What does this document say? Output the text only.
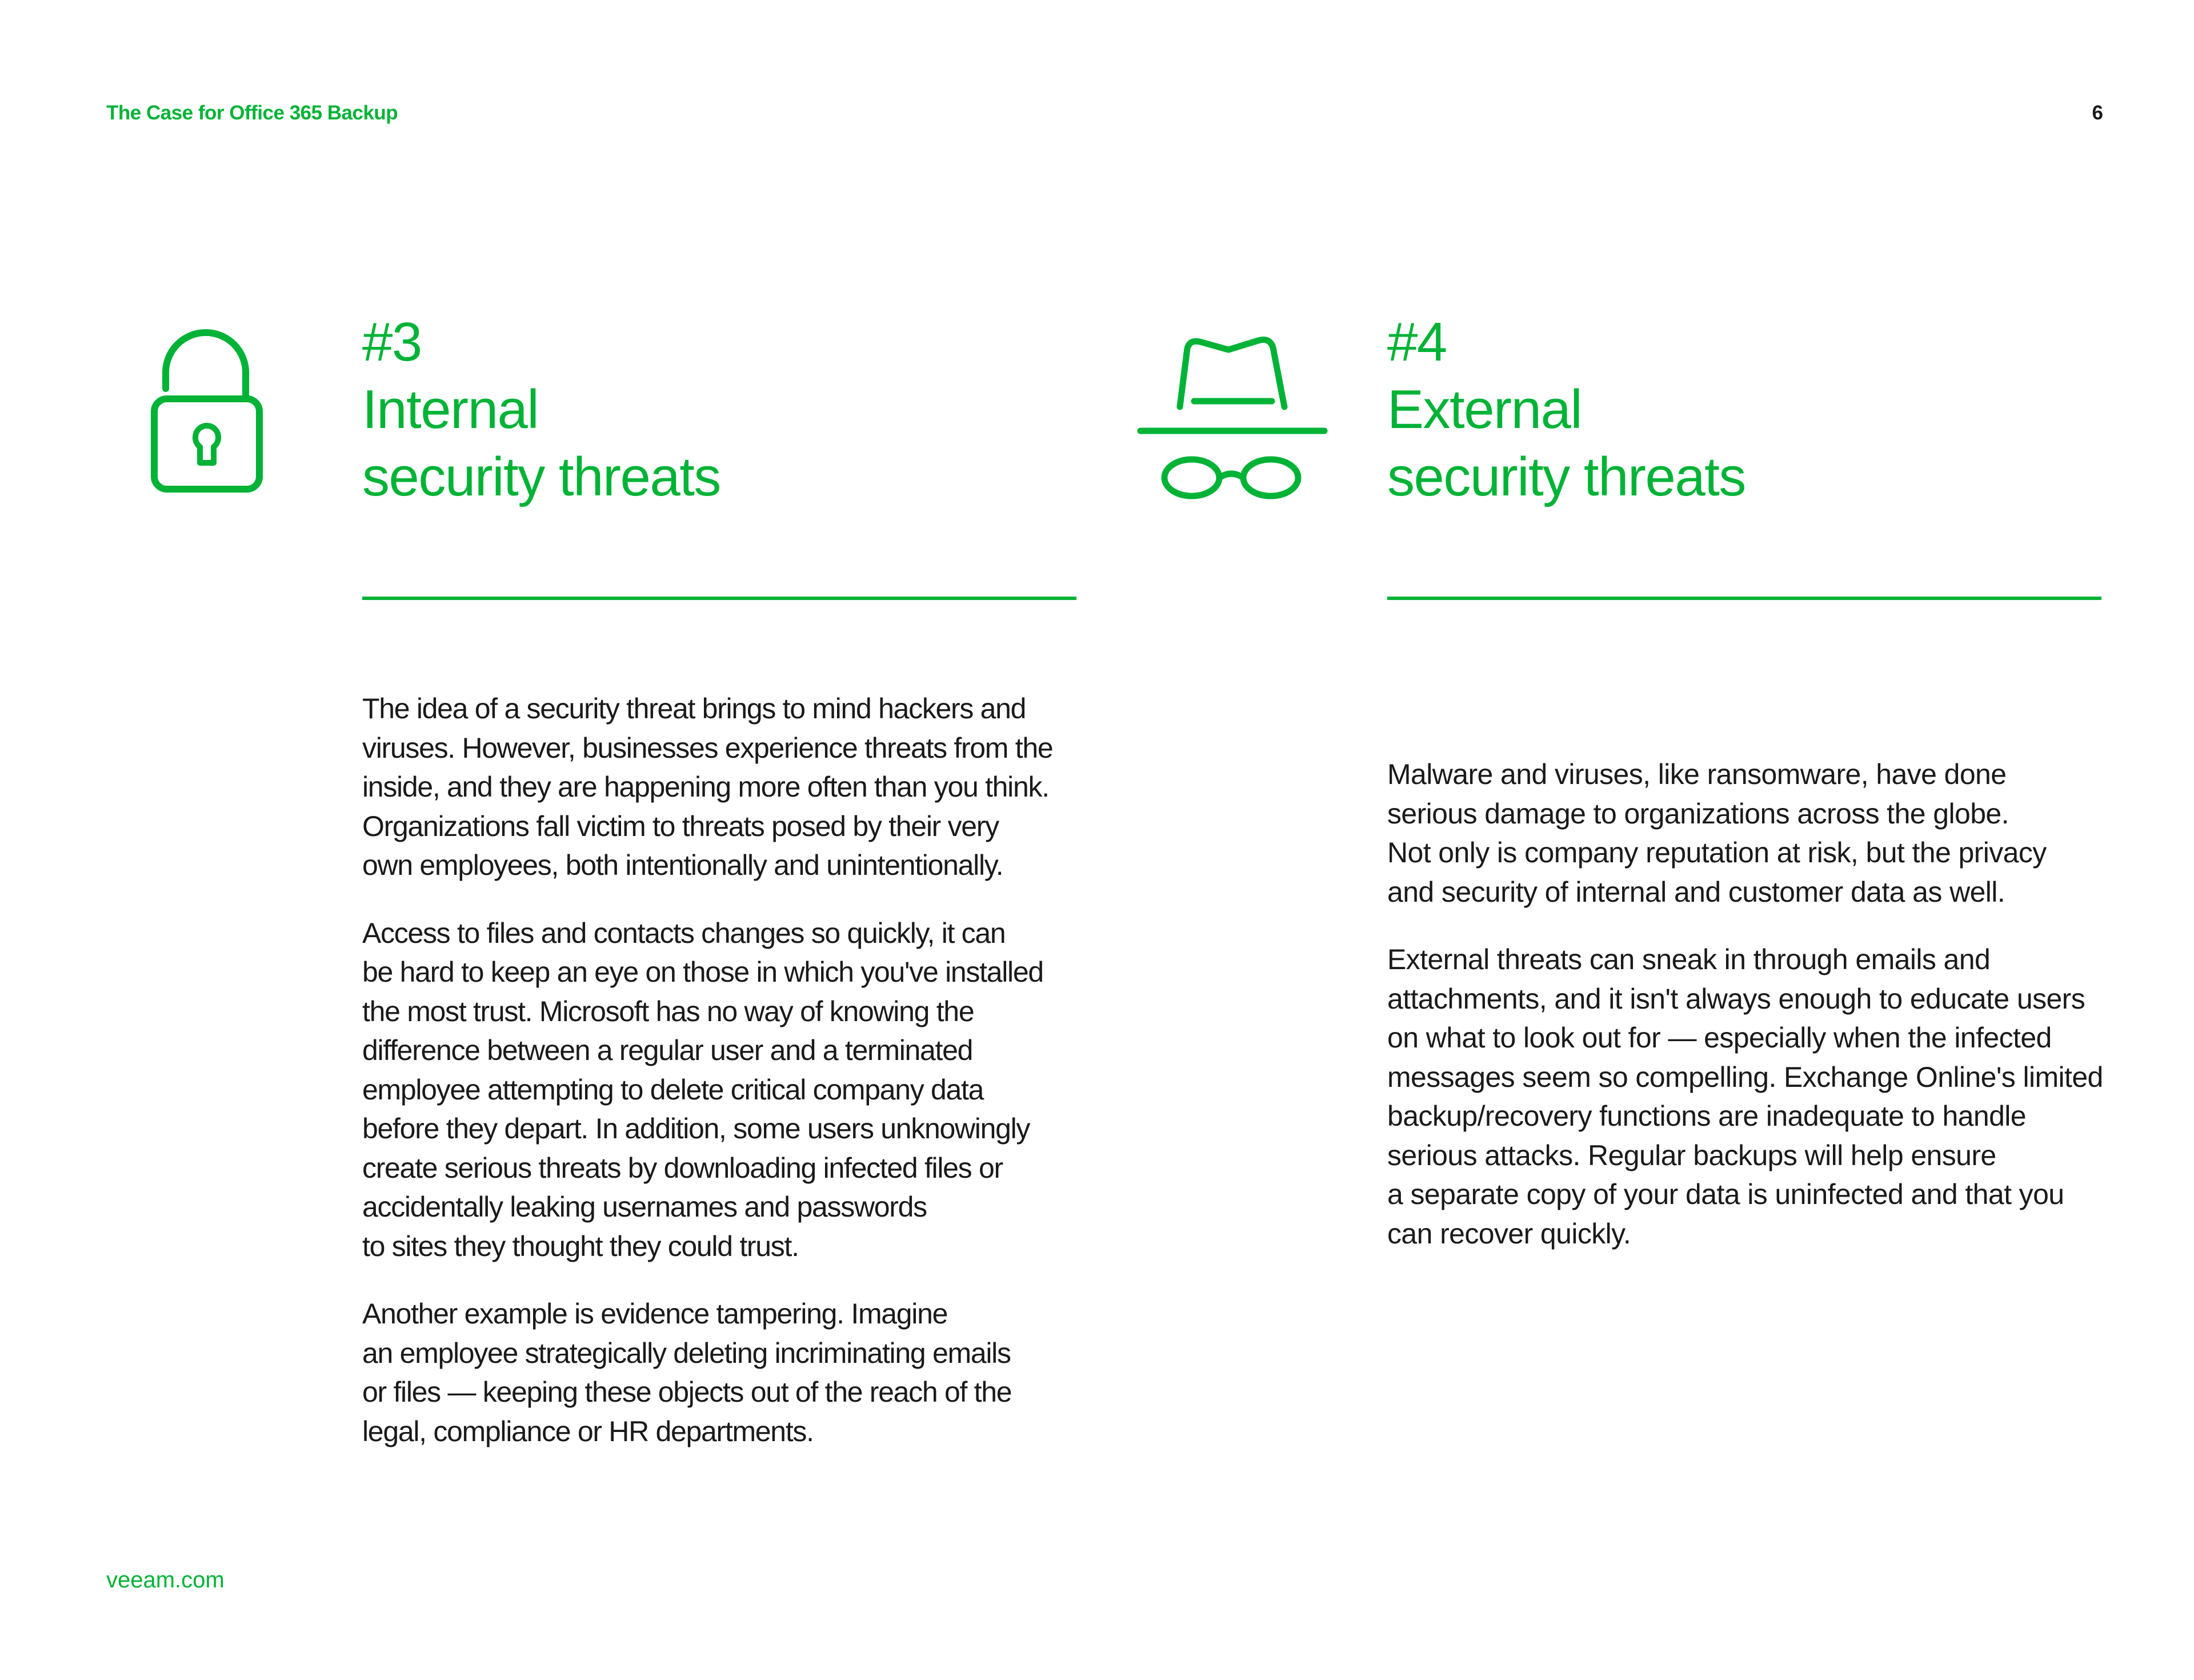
The Case for Office 365 Backup	6
#3
Internal
security threats

The idea of a security threat brings to mind hackers and
viruses. However, businesses experience threats from the
inside, and they are happening more often than you think.
Organizations fall victim to threats posed by their very
own employees, both intentionally and unintentionally.

Access to files and contacts changes so quickly, it can
be hard to keep an eye on those in which you've installed
the most trust. Microsoft has no way of knowing the
difference between a regular user and a terminated
employee attempting to delete critical company data
before they depart. In addition, some users unknowingly
create serious threats by downloading infected files or
accidentally leaking usernames and passwords
to sites they thought they could trust.

Another example is evidence tampering. Imagine
an employee strategically deleting incriminating emails
or files — keeping these objects out of the reach of the
legal, compliance or HR departments.

#4
External
security threats

Malware and viruses, like ransomware, have done
serious damage to organizations across the globe.
Not only is company reputation at risk, but the privacy
and security of internal and customer data as well.

External threats can sneak in through emails and
attachments, and it isn't always enough to educate users
on what to look out for — especially when the infected
messages seem so compelling. Exchange Online's limited
backup/recovery functions are inadequate to handle
serious attacks. Regular backups will help ensure
a separate copy of your data is uninfected and that you
can recover quickly.

veeam.com
